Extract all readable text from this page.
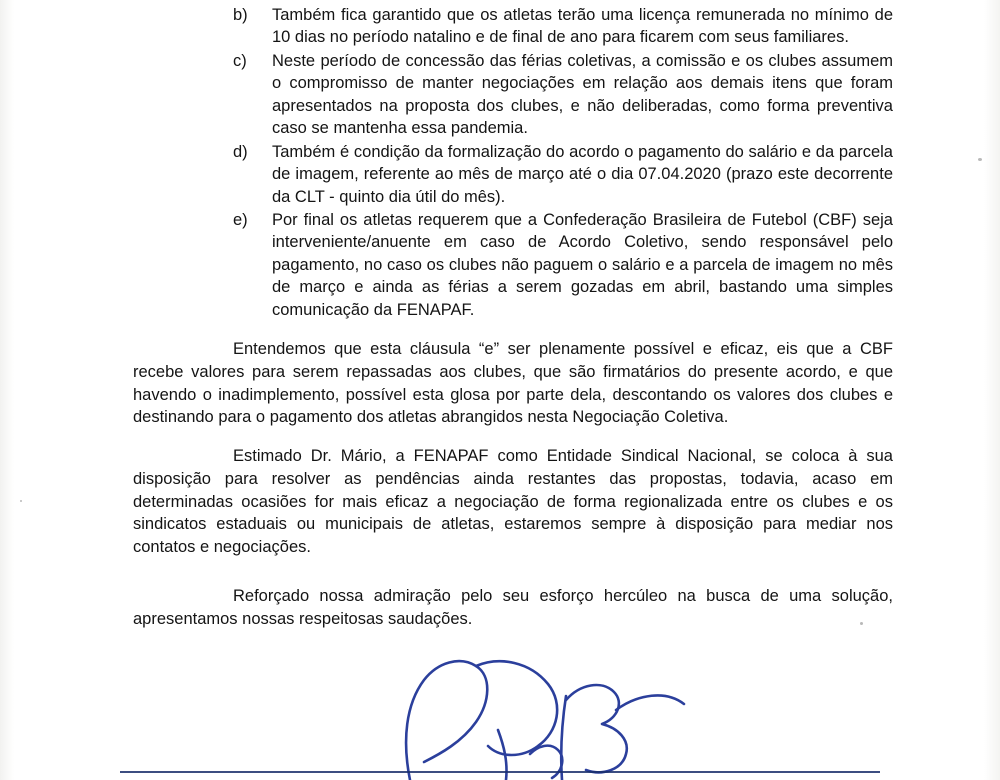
b)	Também fica garantido que os atletas terão uma licença remunerada no mínimo de 10 dias no período natalino e de final de ano para ficarem com seus familiares.
c)	Neste período de concessão das férias coletivas, a comissão e os clubes assumem o compromisso de manter negociações em relação aos demais itens que foram apresentados na proposta dos clubes, e não deliberadas, como forma preventiva caso se mantenha essa pandemia.
d)	Também é condição da formalização do acordo o pagamento do salário e da parcela de imagem, referente ao mês de março até o dia 07.04.2020 (prazo este decorrente da CLT - quinto dia útil do mês).
e)	Por final os atletas requerem que a Confederação Brasileira de Futebol (CBF) seja interveniente/anuente em caso de Acordo Coletivo, sendo responsável pelo pagamento, no caso os clubes não paguem o salário e a parcela de imagem no mês de março e ainda as férias a serem gozadas em abril, bastando uma simples comunicação da FENAPAF.

Entendemos que esta cláusula “e” ser plenamente possível e eficaz, eis que a CBF recebe valores para serem repassadas aos clubes, que são firmatários do presente acordo, e que havendo o inadimplemento, possível esta glosa por parte dela, descontando os valores dos clubes e destinando para o pagamento dos atletas abrangidos nesta Negociação Coletiva.

Estimado Dr. Mário, a FENAPAF como Entidade Sindical Nacional, se coloca à sua disposição para resolver as pendências ainda restantes das propostas, todavia, acaso em determinadas ocasiões for mais eficaz a negociação de forma regionalizada entre os clubes e os sindicatos estaduais ou municipais de atletas, estaremos sempre à disposição para mediar nos contatos e negociações.

Reforçado nossa admiração pelo seu esforço hercúleo na busca de uma solução, apresentamos nossas respeitosas saudações.
